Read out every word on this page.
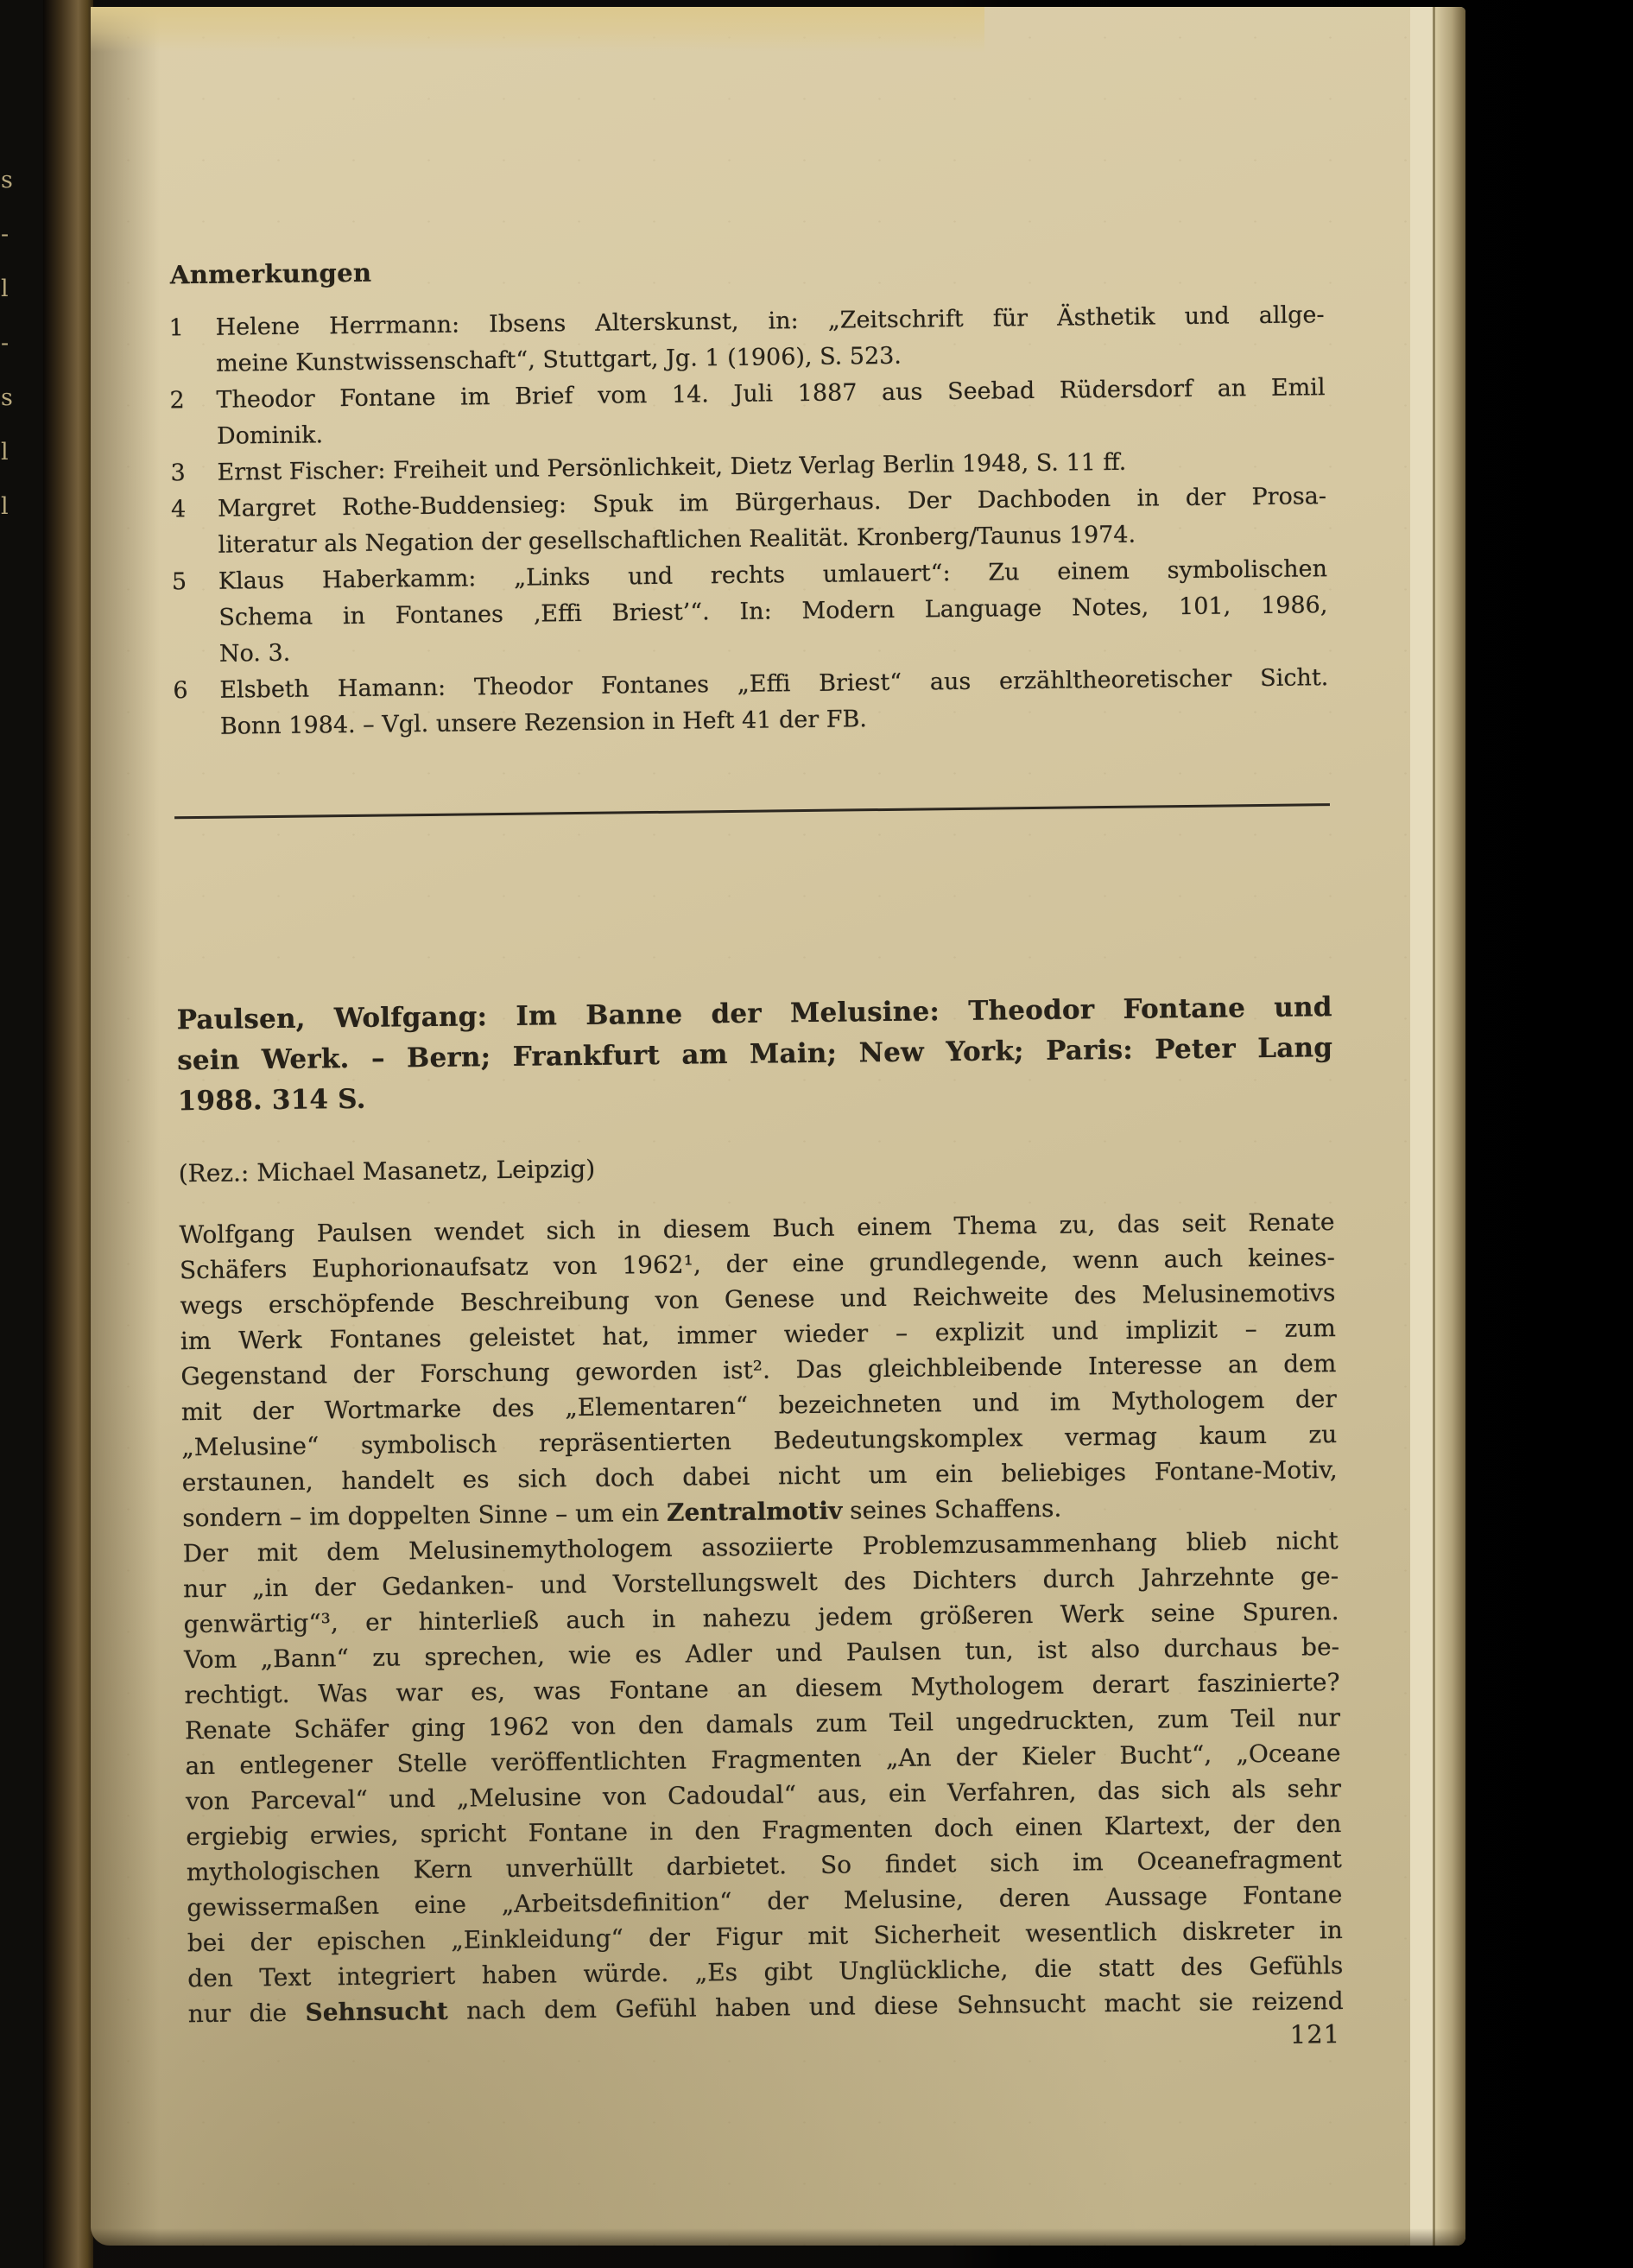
s
-
l
-
s
l
l
Anmerkungen
1	Helene Herrmann: Ibsens Alterskunst, in: „Zeitschrift für Ästhetik und allge-
meine Kunstwissenschaft“, Stuttgart, Jg. 1 (1906), S. 523.
2	Theodor Fontane im Brief vom 14. Juli 1887 aus Seebad Rüdersdorf an Emil
Dominik.
3	Ernst Fischer: Freiheit und Persönlichkeit, Dietz Verlag Berlin 1948, S. 11 ff.
4	Margret Rothe-Buddensieg: Spuk im Bürgerhaus. Der Dachboden in der Prosa-
literatur als Negation der gesellschaftlichen Realität. Kronberg/Taunus 1974.
5	Klaus Haberkamm: „Links und rechts umlauert“: Zu einem symbolischen
Schema in Fontanes ‚Effi Briest’“. In: Modern Language Notes, 101, 1986,
No. 3.
6	Elsbeth Hamann: Theodor Fontanes „Effi Briest“ aus erzähltheoretischer Sicht.
Bonn 1984. – Vgl. unsere Rezension in Heft 41 der FB.
Paulsen, Wolfgang: Im Banne der Melusine: Theodor Fontane und
sein Werk. – Bern; Frankfurt am Main; New York; Paris: Peter Lang
1988. 314 S.
(Rez.: Michael Masanetz, Leipzig)
Wolfgang Paulsen wendet sich in diesem Buch einem Thema zu, das seit Renate
Schäfers Euphorionaufsatz von 1962¹, der eine grundlegende, wenn auch keines-
wegs erschöpfende Beschreibung von Genese und Reichweite des Melusinemotivs
im Werk Fontanes geleistet hat, immer wieder – explizit und implizit – zum
Gegenstand der Forschung geworden ist². Das gleichbleibende Interesse an dem
mit der Wortmarke des „Elementaren“ bezeichneten und im Mythologem der
„Melusine“ symbolisch repräsentierten Bedeutungskomplex vermag kaum zu
erstaunen, handelt es sich doch dabei nicht um ein beliebiges Fontane-Motiv,
sondern – im doppelten Sinne – um ein Zentralmotiv seines Schaffens.
Der mit dem Melusinemythologem assoziierte Problemzusammenhang blieb nicht
nur „in der Gedanken- und Vorstellungswelt des Dichters durch Jahrzehnte ge-
genwärtig“³, er hinterließ auch in nahezu jedem größeren Werk seine Spuren.
Vom „Bann“ zu sprechen, wie es Adler und Paulsen tun, ist also durchaus be-
rechtigt. Was war es, was Fontane an diesem Mythologem derart faszinierte?
Renate Schäfer ging 1962 von den damals zum Teil ungedruckten, zum Teil nur
an entlegener Stelle veröffentlichten Fragmenten „An der Kieler Bucht“, „Oceane
von Parceval“ und „Melusine von Cadoudal“ aus, ein Verfahren, das sich als sehr
ergiebig erwies, spricht Fontane in den Fragmenten doch einen Klartext, der den
mythologischen Kern unverhüllt darbietet. So findet sich im Oceanefragment
gewissermaßen eine „Arbeitsdefinition“ der Melusine, deren Aussage Fontane
bei der epischen „Einkleidung“ der Figur mit Sicherheit wesentlich diskreter in
den Text integriert haben würde. „Es gibt Unglückliche, die statt des Gefühls
nur die Sehnsucht nach dem Gefühl haben und diese Sehnsucht macht sie reizend
121
